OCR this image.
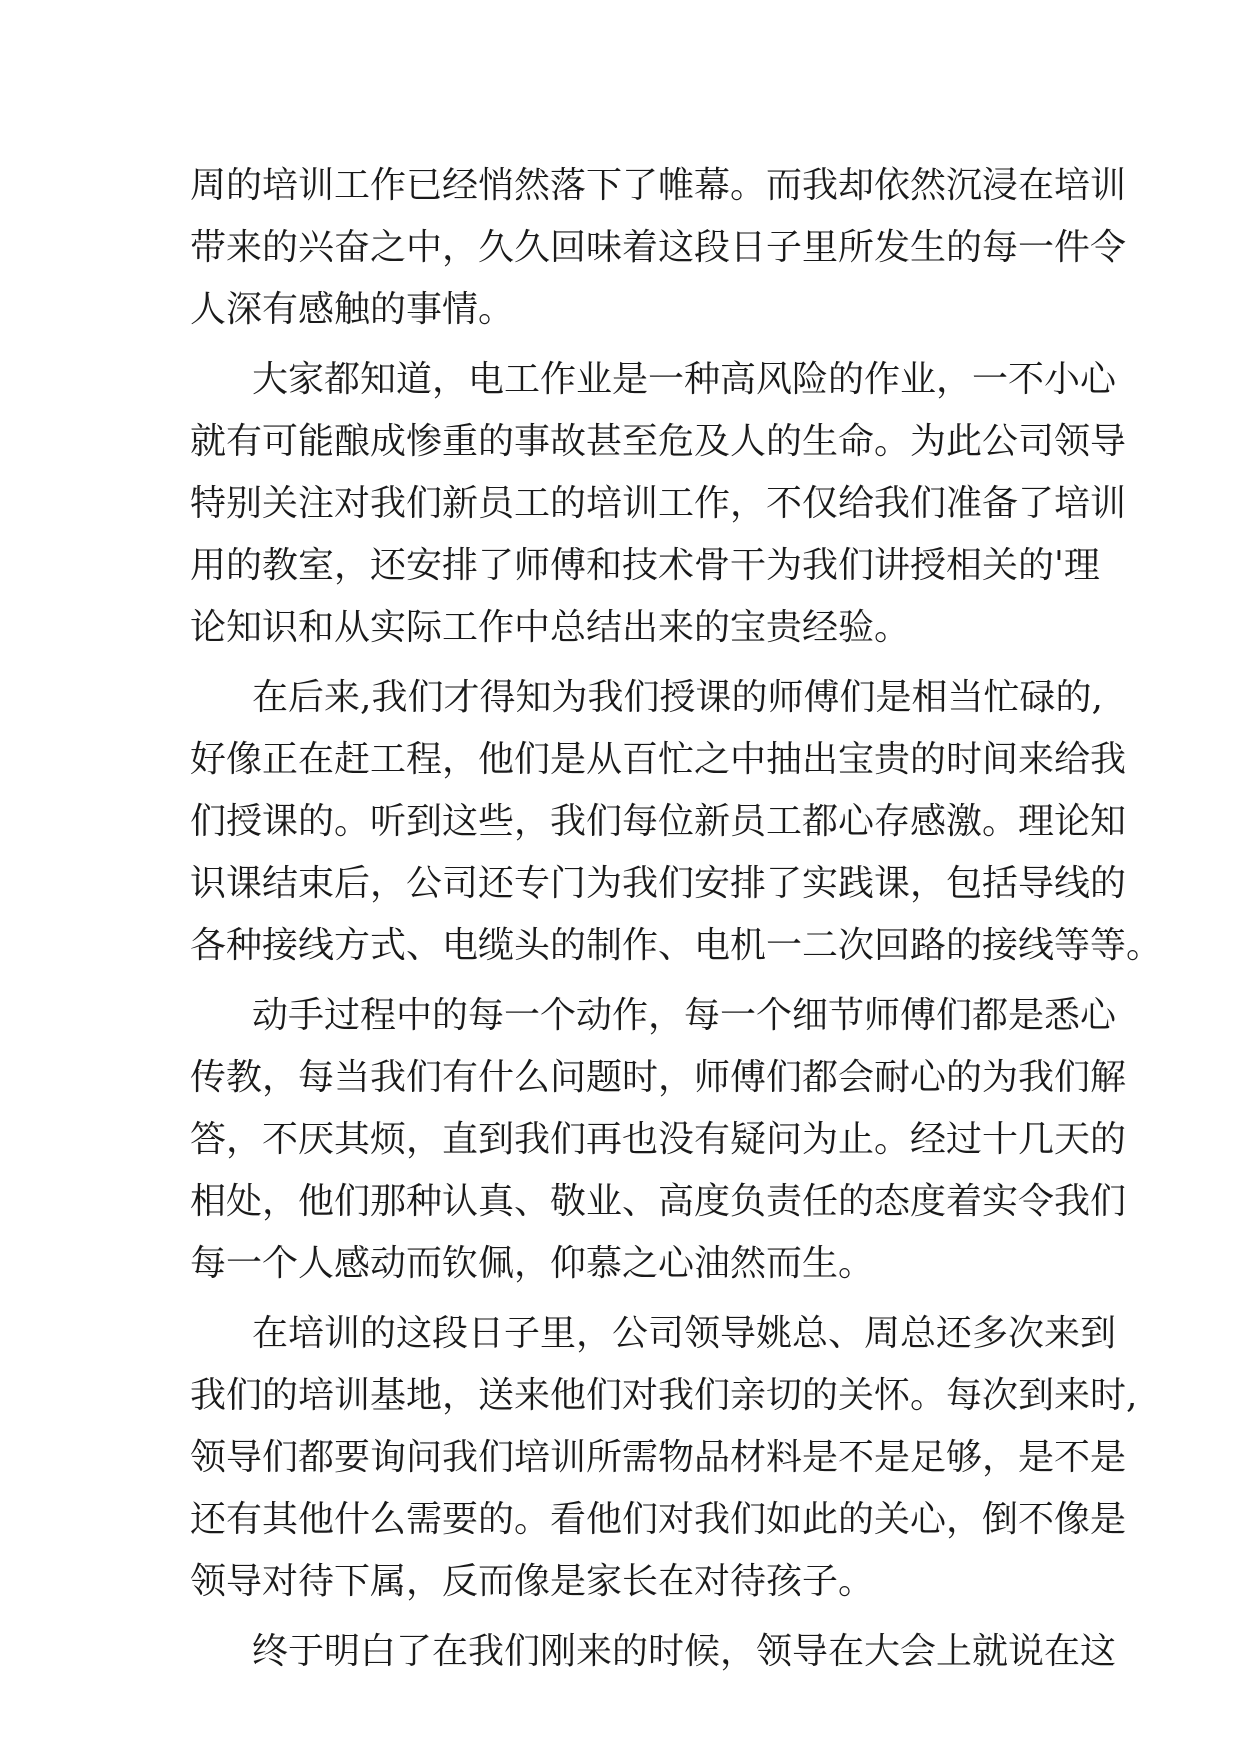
周的培训工作已经悄然落下了帷幕。而我却依然沉浸在培训
带来的兴奋之中，久久回味着这段日子里所发生的每一件令
人深有感触的事情。
大家都知道，电工作业是一种高风险的作业，一不小心
就有可能酿成惨重的事故甚至危及人的生命。为此公司领导
特别关注对我们新员工的培训工作，不仅给我们准备了培训
用的教室，还安排了师傅和技术骨干为我们讲授相关的'理
论知识和从实际工作中总结出来的宝贵经验。
在后来,我们才得知为我们授课的师傅们是相当忙碌的,
好像正在赶工程，他们是从百忙之中抽出宝贵的时间来给我
们授课的。听到这些，我们每位新员工都心存感激。理论知
识课结束后，公司还专门为我们安排了实践课，包括导线的
各种接线方式、电缆头的制作、电机一二次回路的接线等等。
动手过程中的每一个动作，每一个细节师傅们都是悉心
传教，每当我们有什么问题时，师傅们都会耐心的为我们解
答，不厌其烦，直到我们再也没有疑问为止。经过十几天的
相处，他们那种认真、敬业、高度负责任的态度着实令我们
每一个人感动而钦佩，仰慕之心油然而生。
在培训的这段日子里，公司领导姚总、周总还多次来到
我们的培训基地，送来他们对我们亲切的关怀。每次到来时,
领导们都要询问我们培训所需物品材料是不是足够，是不是
还有其他什么需要的。看他们对我们如此的关心，倒不像是
领导对待下属，反而像是家长在对待孩子。
终于明白了在我们刚来的时候，领导在大会上就说在这
